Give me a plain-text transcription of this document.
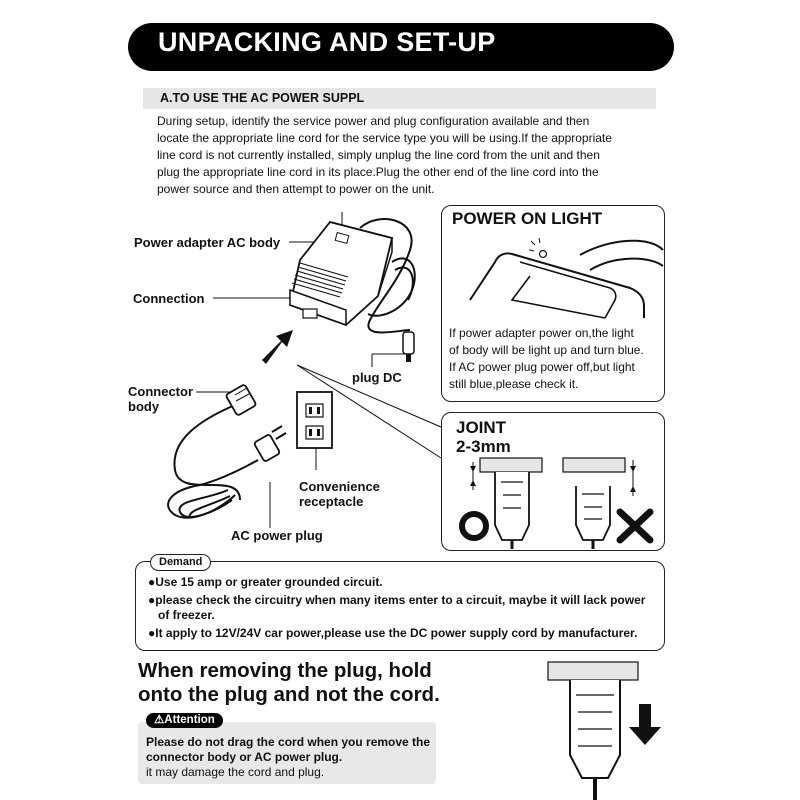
UNPACKING AND SET-UP
A.TO USE THE AC POWER SUPPL
During setup, identify the service power and plug configuration available and then
locate the appropriate line cord for the service type you will be using.If the appropriate
line cord is not currently installed, simply unplug the line cord from the unit and then
plug the appropriate line cord in its place.Plug the other end of the line cord into the
power source and then attempt to power on the unit.
Power adapter AC body
Connection
plug DC
Connector
body
Convenience
receptacle
AC power plug
POWER ON LIGHT
If power adapter power on,the light
of body will be light up and turn blue.
If AC power plug power off,but light
still blue,please check it.
JOINT
2-3mm
Demand
●Use 15 amp or greater grounded circuit.
●please check the circuitry when many items enter to a circuit, maybe it will lack power
of freezer.
●It apply to 12V/24V car power,please use the DC power supply cord by manufacturer.
When removing the plug, hold
onto the plug and not the cord.
⚠Attention
Please do not drag the cord when you remove the
connector body or AC power plug.
it may damage the cord and plug.
